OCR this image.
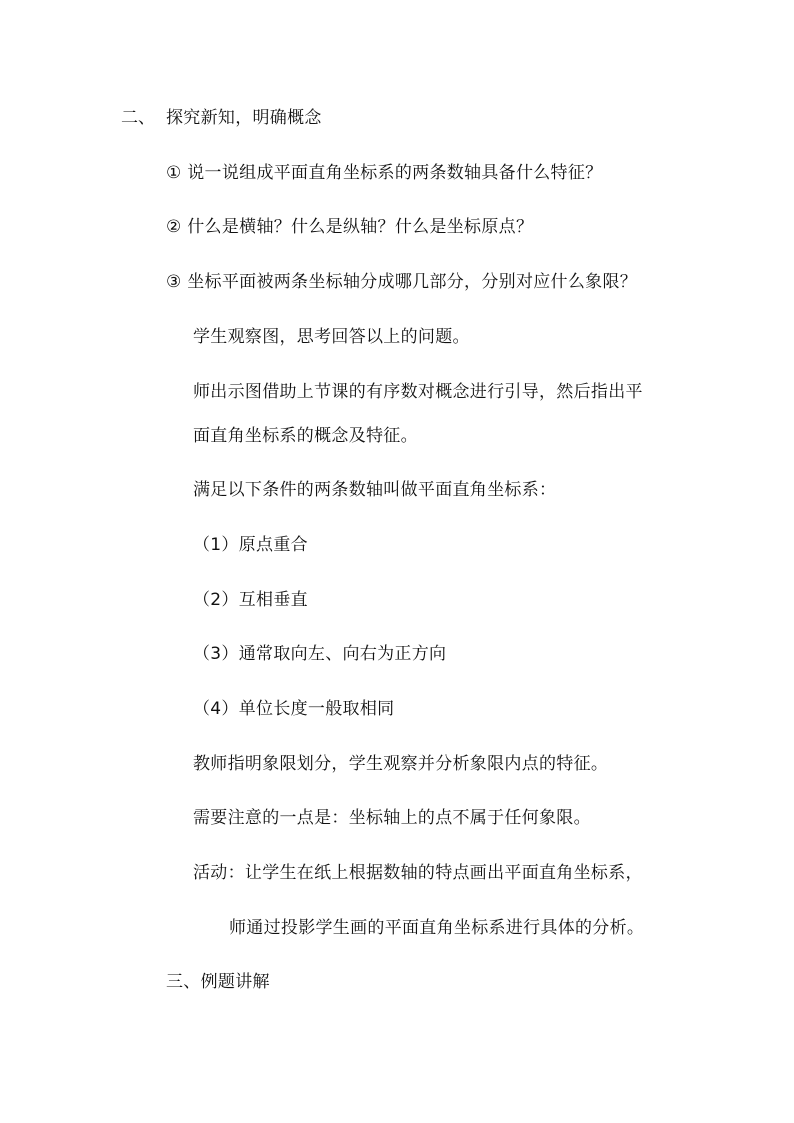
二、 探究新知，明确概念
① 说一说组成平面直角坐标系的两条数轴具备什么特征？
② 什么是横轴？什么是纵轴？什么是坐标原点？
③ 坐标平面被两条坐标轴分成哪几部分，分别对应什么象限？
学生观察图，思考回答以上的问题。
师出示图借助上节课的有序数对概念进行引导，然后指出平
面直角坐标系的概念及特征。
满足以下条件的两条数轴叫做平面直角坐标系：
（1）原点重合
（2）互相垂直
（3）通常取向左、向右为正方向
（4）单位长度一般取相同
教师指明象限划分，学生观察并分析象限内点的特征。
需要注意的一点是：坐标轴上的点不属于任何象限。
活动：让学生在纸上根据数轴的特点画出平面直角坐标系，
师通过投影学生画的平面直角坐标系进行具体的分析。
三、例题讲解
